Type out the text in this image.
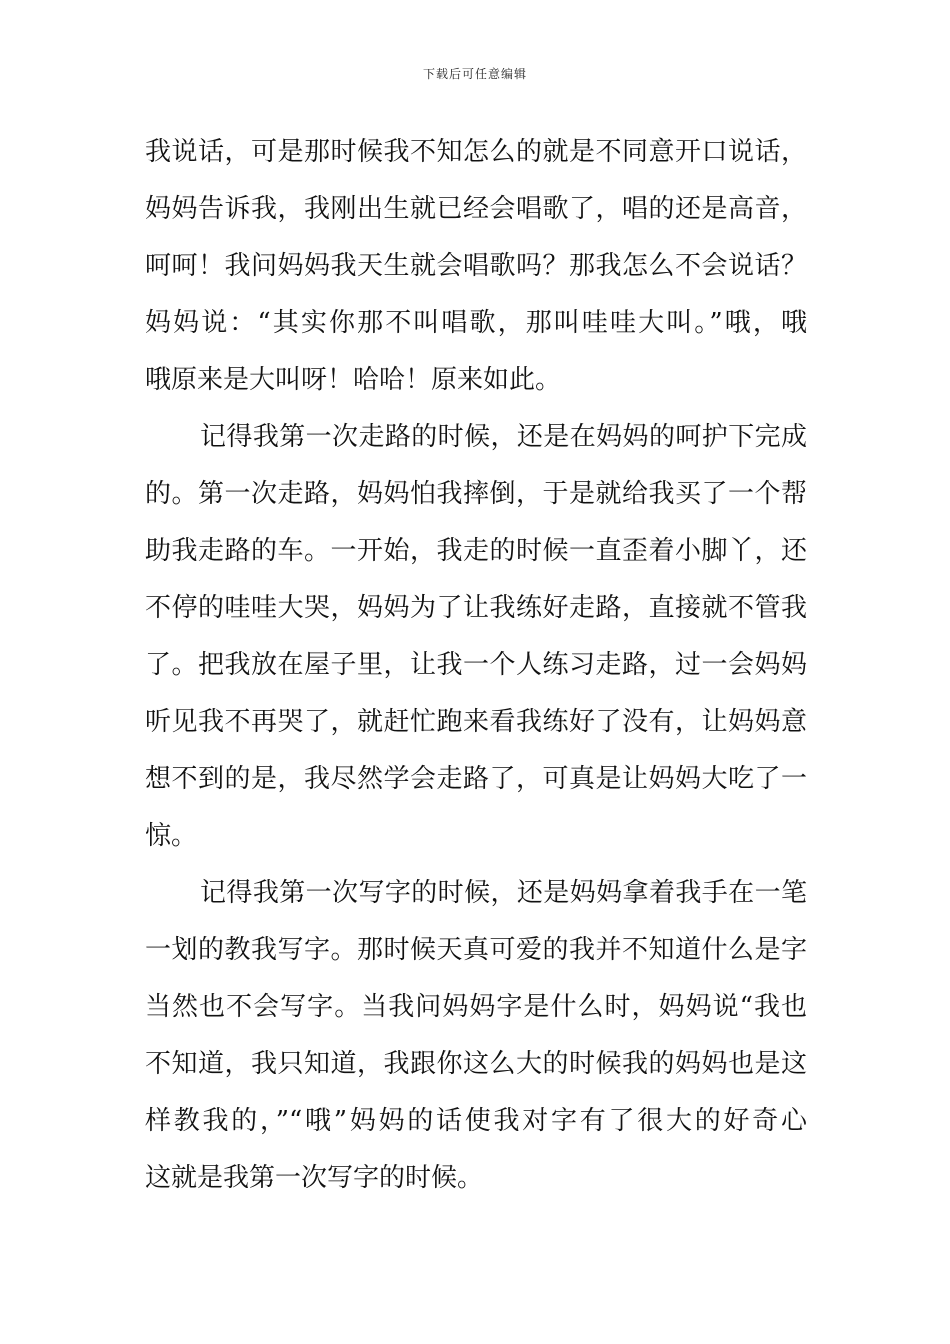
下载后可任意编辑
我说话，可是那时候我不知怎么的就是不同意开口说话，
妈妈告诉我，我刚出生就已经会唱歌了，唱的还是高音，
呵呵！我问妈妈我天生就会唱歌吗？那我怎么不会说话？
妈妈说：“其实你那不叫唱歌，那叫哇哇大叫。”哦，哦
哦原来是大叫呀！哈哈！原来如此。
记得我第一次走路的时候，还是在妈妈的呵护下完成
的。第一次走路，妈妈怕我摔倒，于是就给我买了一个帮
助我走路的车。一开始，我走的时候一直歪着小脚丫，还
不停的哇哇大哭，妈妈为了让我练好走路，直接就不管我
了。把我放在屋子里，让我一个人练习走路，过一会妈妈
听见我不再哭了，就赶忙跑来看我练好了没有，让妈妈意
想不到的是，我尽然学会走路了，可真是让妈妈大吃了一
惊。
记得我第一次写字的时候，还是妈妈拿着我手在一笔
一划的教我写字。那时候天真可爱的我并不知道什么是字
当然也不会写字。当我问妈妈字是什么时，妈妈说“我也
不知道，我只知道，我跟你这么大的时候我的妈妈也是这
样教我的，”“哦”妈妈的话使我对字有了很大的好奇心
这就是我第一次写字的时候。
